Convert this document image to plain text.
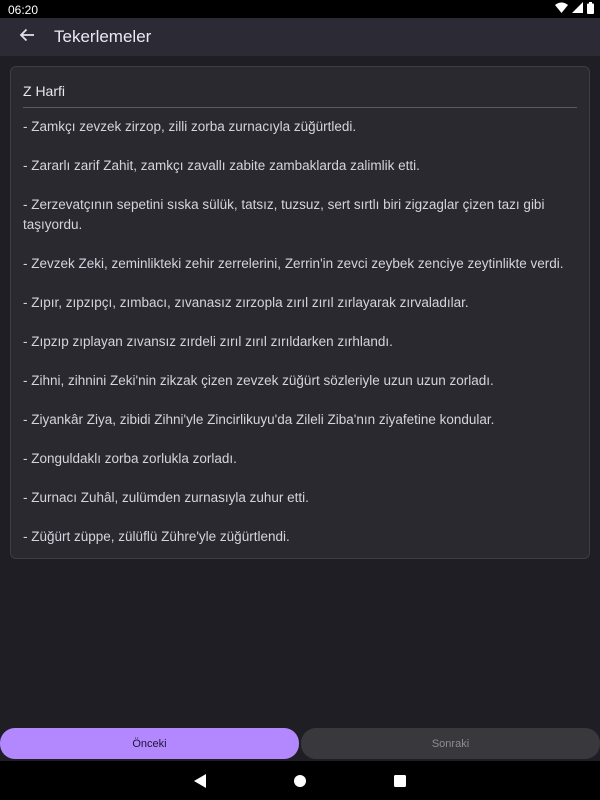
06:20
Tekerlemeler
Z Harfi
- Zamkçı zevzek zirzop, zilli zorba zurnacıyla züğürtledi.
- Zararlı zarif Zahit, zamkçı zavallı zabite zambaklarda zalimlik etti.
- Zerzevatçının sepetini sıska sülük, tatsız, tuzsuz, sert sırtlı biri zigzaglar çizen tazı gibi taşıyordu.
- Zevzek Zeki, zeminlikteki zehir zerrelerini, Zerrin'in zevci zeybek zenciye zeytinlikte verdi.
- Zıpır, zıpzıpçı, zımbacı, zıvanasız zırzopla zırıl zırıl zırlayarak zırvaladılar.
- Zıpzıp zıplayan zıvansız zırdeli zırıl zırıl zırıldarken zırhlandı.
- Zihni, zihnini Zeki'nin zikzak çizen zevzek züğürt sözleriyle uzun uzun zorladı.
- Ziyankâr Ziya, zibidi Zihni'yle Zincirlikuyu'da Zileli Ziba'nın ziyafetine kondular.
- Zonguldaklı zorba zorlukla zorladı.
- Zurnacı Zuhâl, zulümden zurnasıyla zuhur etti.
- Züğürt züppe, zülüflü Zühre'yle züğürtlendi.
Önceki	Sonraki
